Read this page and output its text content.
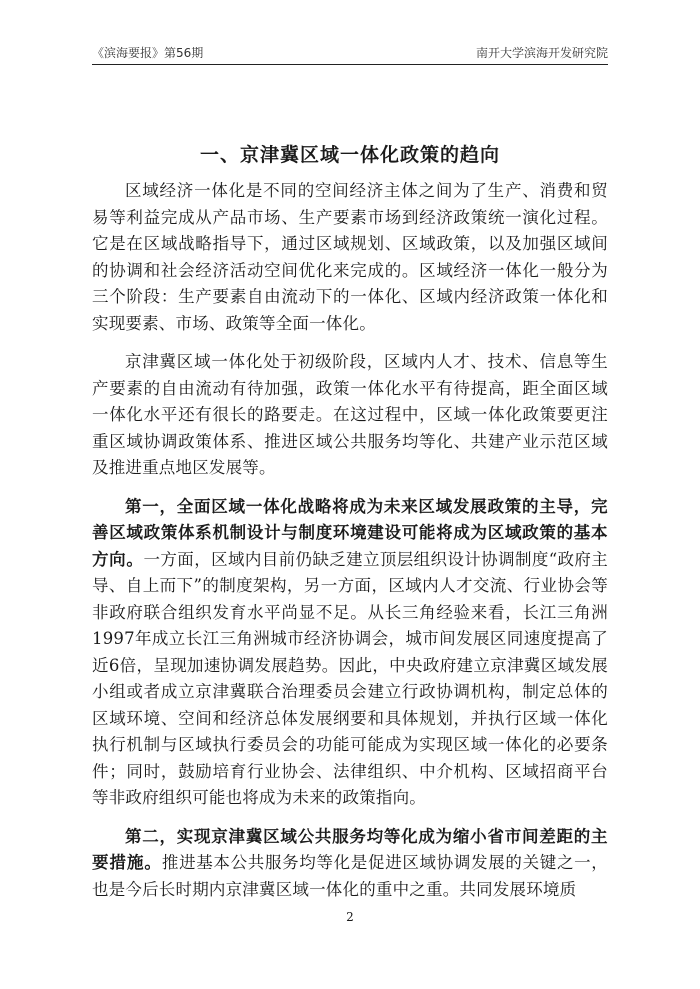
《滨海要报》第56期	南开大学滨海开发研究院
一、京津冀区域一体化政策的趋向

区域经济一体化是不同的空间经济主体之间为了生产、消费和贸易等利益完成从产品市场、生产要素市场到经济政策统一演化过程。它是在区域战略指导下，通过区域规划、区域政策，以及加强区域间的协调和社会经济活动空间优化来完成的。区域经济一体化一般分为三个阶段：生产要素自由流动下的一体化、区域内经济政策一体化和实现要素、市场、政策等全面一体化。

京津冀区域一体化处于初级阶段，区域内人才、技术、信息等生产要素的自由流动有待加强，政策一体化水平有待提高，距全面区域一体化水平还有很长的路要走。在这过程中，区域一体化政策要更注重区域协调政策体系、推进区域公共服务均等化、共建产业示范区域及推进重点地区发展等。

第一，全面区域一体化战略将成为未来区域发展政策的主导，完善区域政策体系机制设计与制度环境建设可能将成为区域政策的基本方向。一方面，区域内目前仍缺乏建立顶层组织设计协调制度“政府主导、自上而下”的制度架构，另一方面，区域内人才交流、行业协会等非政府联合组织发育水平尚显不足。从长三角经验来看，长江三角洲1997年成立长江三角洲城市经济协调会，城市间发展区同速度提高了近6倍，呈现加速协调发展趋势。因此，中央政府建立京津冀区域发展小组或者成立京津冀联合治理委员会建立行政协调机构，制定总体的区域环境、空间和经济总体发展纲要和具体规划，并执行区域一体化执行机制与区域执行委员会的功能可能成为实现区域一体化的必要条件；同时，鼓励培育行业协会、法律组织、中介机构、区域招商平台等非政府组织可能也将成为未来的政策指向。

第二，实现京津冀区域公共服务均等化成为缩小省市间差距的主要措施。推进基本公共服务均等化是促进区域协调发展的关键之一，也是今后长时期内京津冀区域一体化的重中之重。共同发展环境质

2
